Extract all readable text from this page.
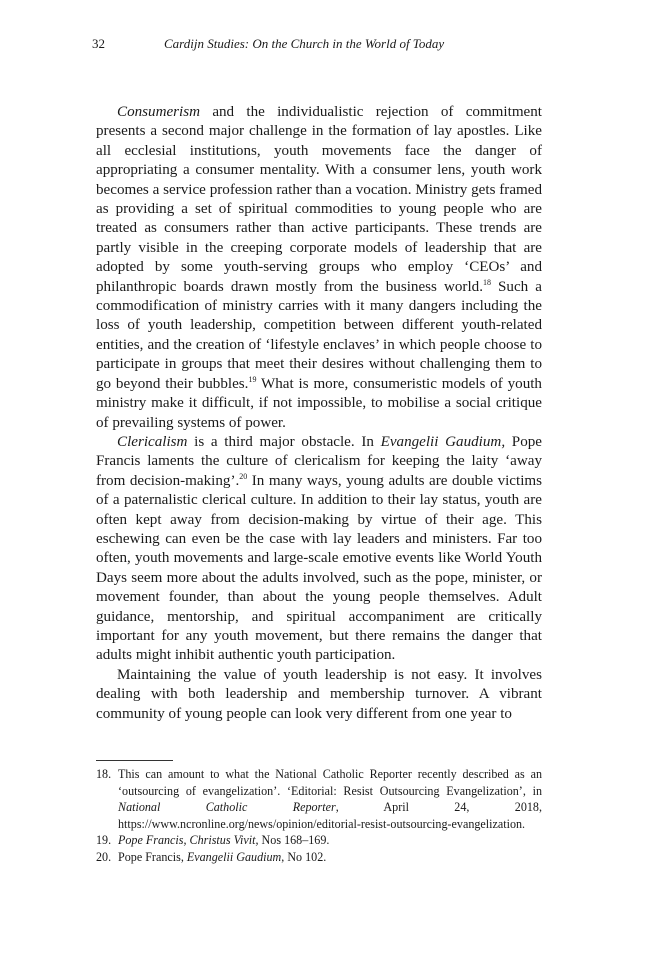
32	Cardijn Studies: On the Church in the World of Today

Consumerism and the individualistic rejection of commitment presents a second major challenge in the formation of lay apostles. Like all ecclesial institutions, youth movements face the danger of appropriating a consumer mentality. With a consumer lens, youth work becomes a service profession rather than a vocation. Ministry gets framed as providing a set of spiritual commodities to young people who are treated as consumers rather than active participants. These trends are partly visible in the creeping corporate models of leadership that are adopted by some youth-serving groups who employ ‘CEOs’ and philanthropic boards drawn mostly from the business world.$^{18}$ Such a commodification of ministry carries with it many dangers including the loss of youth leadership, competition between different youth-related entities, and the creation of ‘lifestyle enclaves’ in which people choose to participate in groups that meet their desires without challenging them to go beyond their bubbles.$^{19}$ What is more, consumeristic models of youth ministry make it difficult, if not impossible, to mobilise a social critique of prevailing systems of power.

Clericalism is a third major obstacle. In Evangelii Gaudium, Pope Francis laments the culture of clericalism for keeping the laity ‘away from decision-making’.$^{20}$ In many ways, young adults are double victims of a paternalistic clerical culture. In addition to their lay status, youth are often kept away from decision-making by virtue of their age. This eschewing can even be the case with lay leaders and ministers. Far too often, youth movements and large-scale emotive events like World Youth Days seem more about the adults involved, such as the pope, minister, or movement founder, than about the young people themselves. Adult guidance, mentorship, and spiritual accompaniment are critically important for any youth movement, but there remains the danger that adults might inhibit authentic youth participation.

Maintaining the value of youth leadership is not easy. It involves dealing with both leadership and membership turnover. A vibrant community of young people can look very different from one year to

18. This can amount to what the National Catholic Reporter recently described as an ‘outsourcing of evangelization’. ‘Editorial: Resist Outsourcing Evangelization’, in National Catholic Reporter, April 24, 2018, https://www.ncronline.org/news/opinion/editorial-resist-outsourcing-evangelization.

19. Pope Francis, Christus Vivit, Nos 168–169.

20. Pope Francis, Evangelii Gaudium, No 102.
